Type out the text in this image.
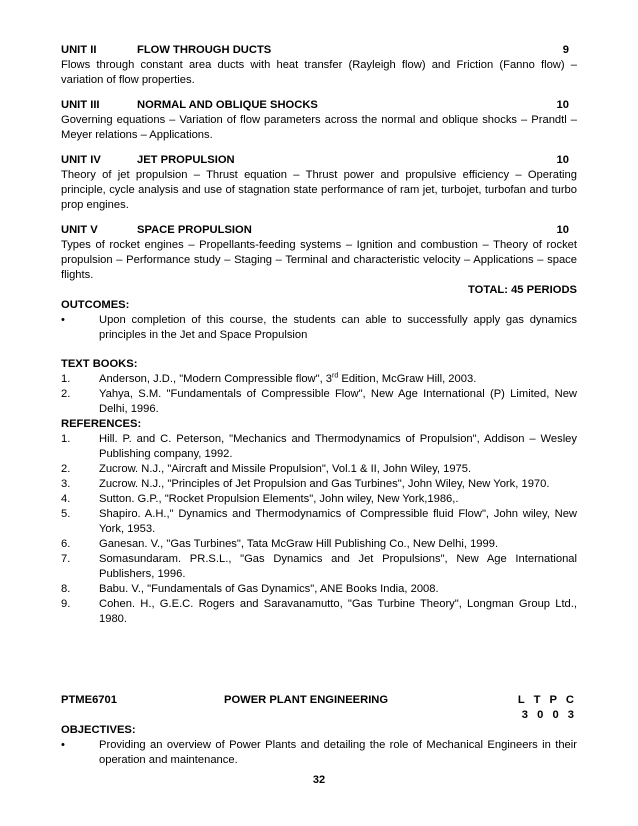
UNIT II	FLOW THROUGH DUCTS	9
Flows through constant area ducts with heat transfer (Rayleigh flow) and Friction (Fanno flow) – variation of flow properties.
UNIT III	NORMAL AND OBLIQUE SHOCKS	10
Governing equations – Variation of flow parameters across the normal and oblique shocks – Prandtl – Meyer relations – Applications.
UNIT IV	JET PROPULSION	10
Theory of jet propulsion – Thrust equation – Thrust power and propulsive efficiency – Operating principle, cycle analysis and use of stagnation state performance of ram jet, turbojet, turbofan and turbo prop engines.
UNIT V	SPACE PROPULSION	10
Types of rocket engines – Propellants-feeding systems – Ignition and combustion – Theory of rocket propulsion – Performance study – Staging – Terminal and characteristic velocity – Applications – space flights.
TOTAL: 45 PERIODS
OUTCOMES:
•	Upon completion of this course, the students can able to successfully apply gas dynamics principles in the Jet and Space Propulsion
TEXT BOOKS:
1.	Anderson, J.D., "Modern Compressible flow", 3rd Edition, McGraw Hill, 2003.
2.	Yahya, S.M. "Fundamentals of Compressible Flow", New Age International (P) Limited, New Delhi, 1996.
REFERENCES:
1.	Hill. P. and C. Peterson, "Mechanics and Thermodynamics of Propulsion", Addison – Wesley Publishing company, 1992.
2.	Zucrow. N.J., "Aircraft and Missile Propulsion", Vol.1 & II, John Wiley, 1975.
3.	Zucrow. N.J., "Principles of Jet Propulsion and Gas Turbines", John Wiley, New York, 1970.
4.	Sutton. G.P., "Rocket Propulsion Elements", John wiley, New York,1986,.
5.	Shapiro. A.H.," Dynamics and Thermodynamics of Compressible fluid Flow", John wiley, New York, 1953.
6.	Ganesan. V., "Gas Turbines", Tata McGraw Hill Publishing Co., New Delhi, 1999.
7.	Somasundaram. PR.S.L., "Gas Dynamics and Jet Propulsions", New Age International Publishers, 1996.
8.	Babu. V., "Fundamentals of Gas Dynamics", ANE Books India, 2008.
9.	Cohen. H., G.E.C. Rogers and Saravanamutto, "Gas Turbine Theory", Longman Group Ltd., 1980.
PTME6701	POWER PLANT ENGINEERING	L T P C
3 0 0 3
OBJECTIVES:
•	Providing an overview of Power Plants and detailing the role of Mechanical Engineers in their operation and maintenance.
32
